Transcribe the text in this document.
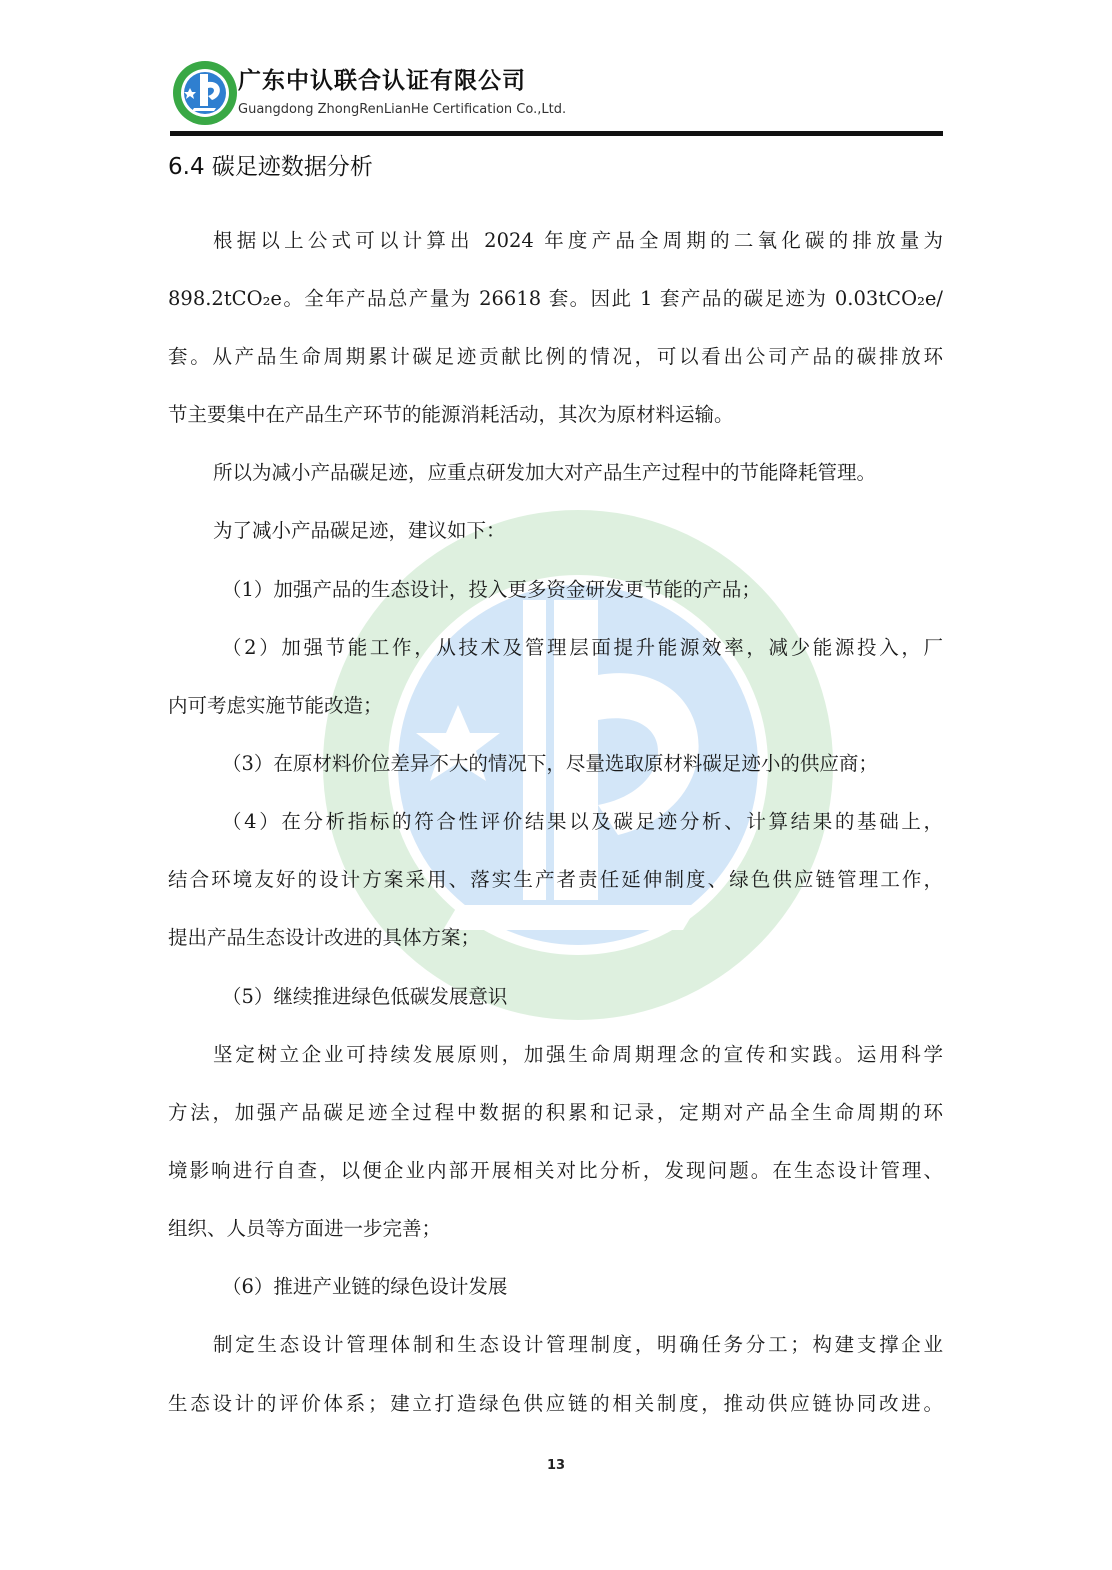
广东中认联合认证有限公司
Guangdong ZhongRenLianHe Certification Co.,Ltd.
6.4 碳足迹数据分析
根据以上公式可以计算出 2024 年度产品全周期的二氧化碳的排放量为
898.2tCO₂e。全年产品总产量为 26618 套。因此 1 套产品的碳足迹为 0.03tCO₂e/
套。从产品生命周期累计碳足迹贡献比例的情况，可以看出公司产品的碳排放环
节主要集中在产品生产环节的能源消耗活动，其次为原材料运输。
所以为减小产品碳足迹，应重点研发加大对产品生产过程中的节能降耗管理。
为了减小产品碳足迹，建议如下：
（1）加强产品的生态设计，投入更多资金研发更节能的产品；
（2）加强节能工作，从技术及管理层面提升能源效率，减少能源投入，厂
内可考虑实施节能改造；
（3）在原材料价位差异不大的情况下，尽量选取原材料碳足迹小的供应商；
（4）在分析指标的符合性评价结果以及碳足迹分析、计算结果的基础上，
结合环境友好的设计方案采用、落实生产者责任延伸制度、绿色供应链管理工作，
提出产品生态设计改进的具体方案；
（5）继续推进绿色低碳发展意识
坚定树立企业可持续发展原则，加强生命周期理念的宣传和实践。运用科学
方法，加强产品碳足迹全过程中数据的积累和记录，定期对产品全生命周期的环
境影响进行自查，以便企业内部开展相关对比分析，发现问题。在生态设计管理、
组织、人员等方面进一步完善；
（6）推进产业链的绿色设计发展
制定生态设计管理体制和生态设计管理制度，明确任务分工；构建支撑企业
生态设计的评价体系；建立打造绿色供应链的相关制度，推动供应链协同改进。
13
